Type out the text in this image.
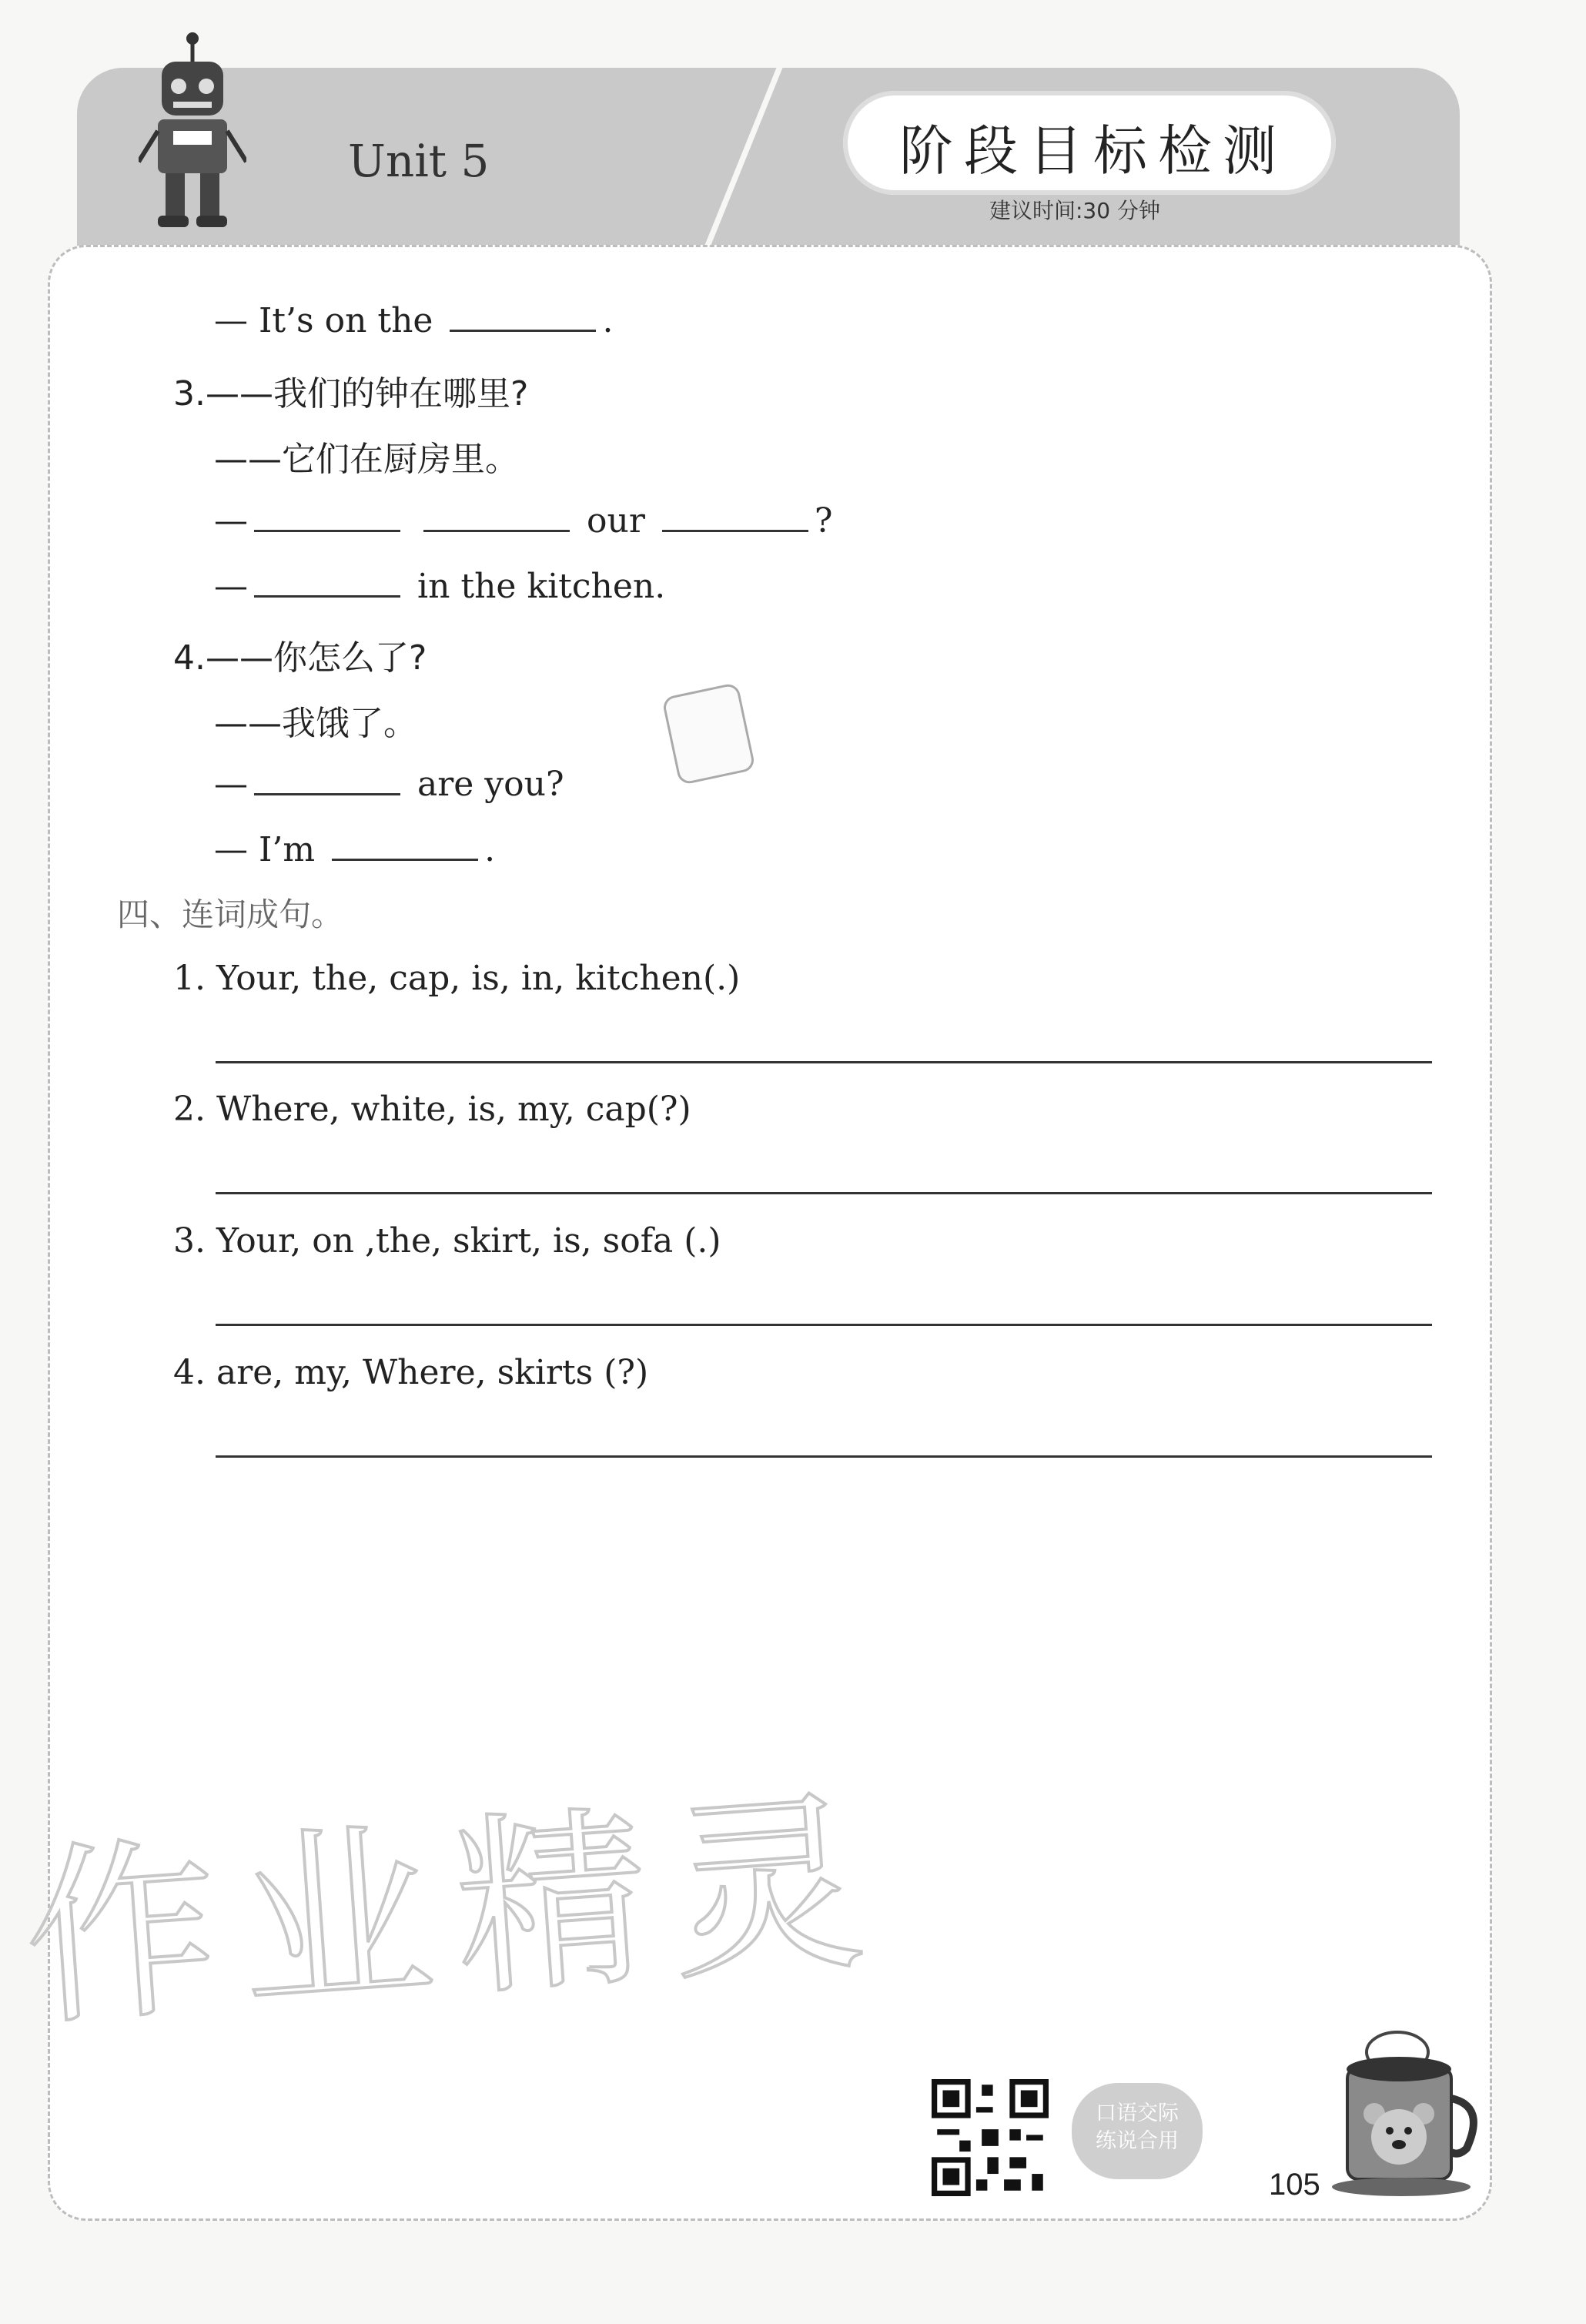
Unit 5	阶段目标检测
建议时间:30 分钟
— It’s on the	.
3.——我们的钟在哪里?
——它们在厨房里。
—	our	?
—	in the kitchen.
4.——你怎么了?
——我饿了。
—	are you?
— I’m	.
四、连词成句。
1. Your, the, cap, is, in, kitchen(.)
2. Where, white, is, my, cap(?)
3. Your, on ,the, skirt, is, sofa (.)
4. are, my, Where, skirts (?)
作业精灵
口语交际
练说合用
105
